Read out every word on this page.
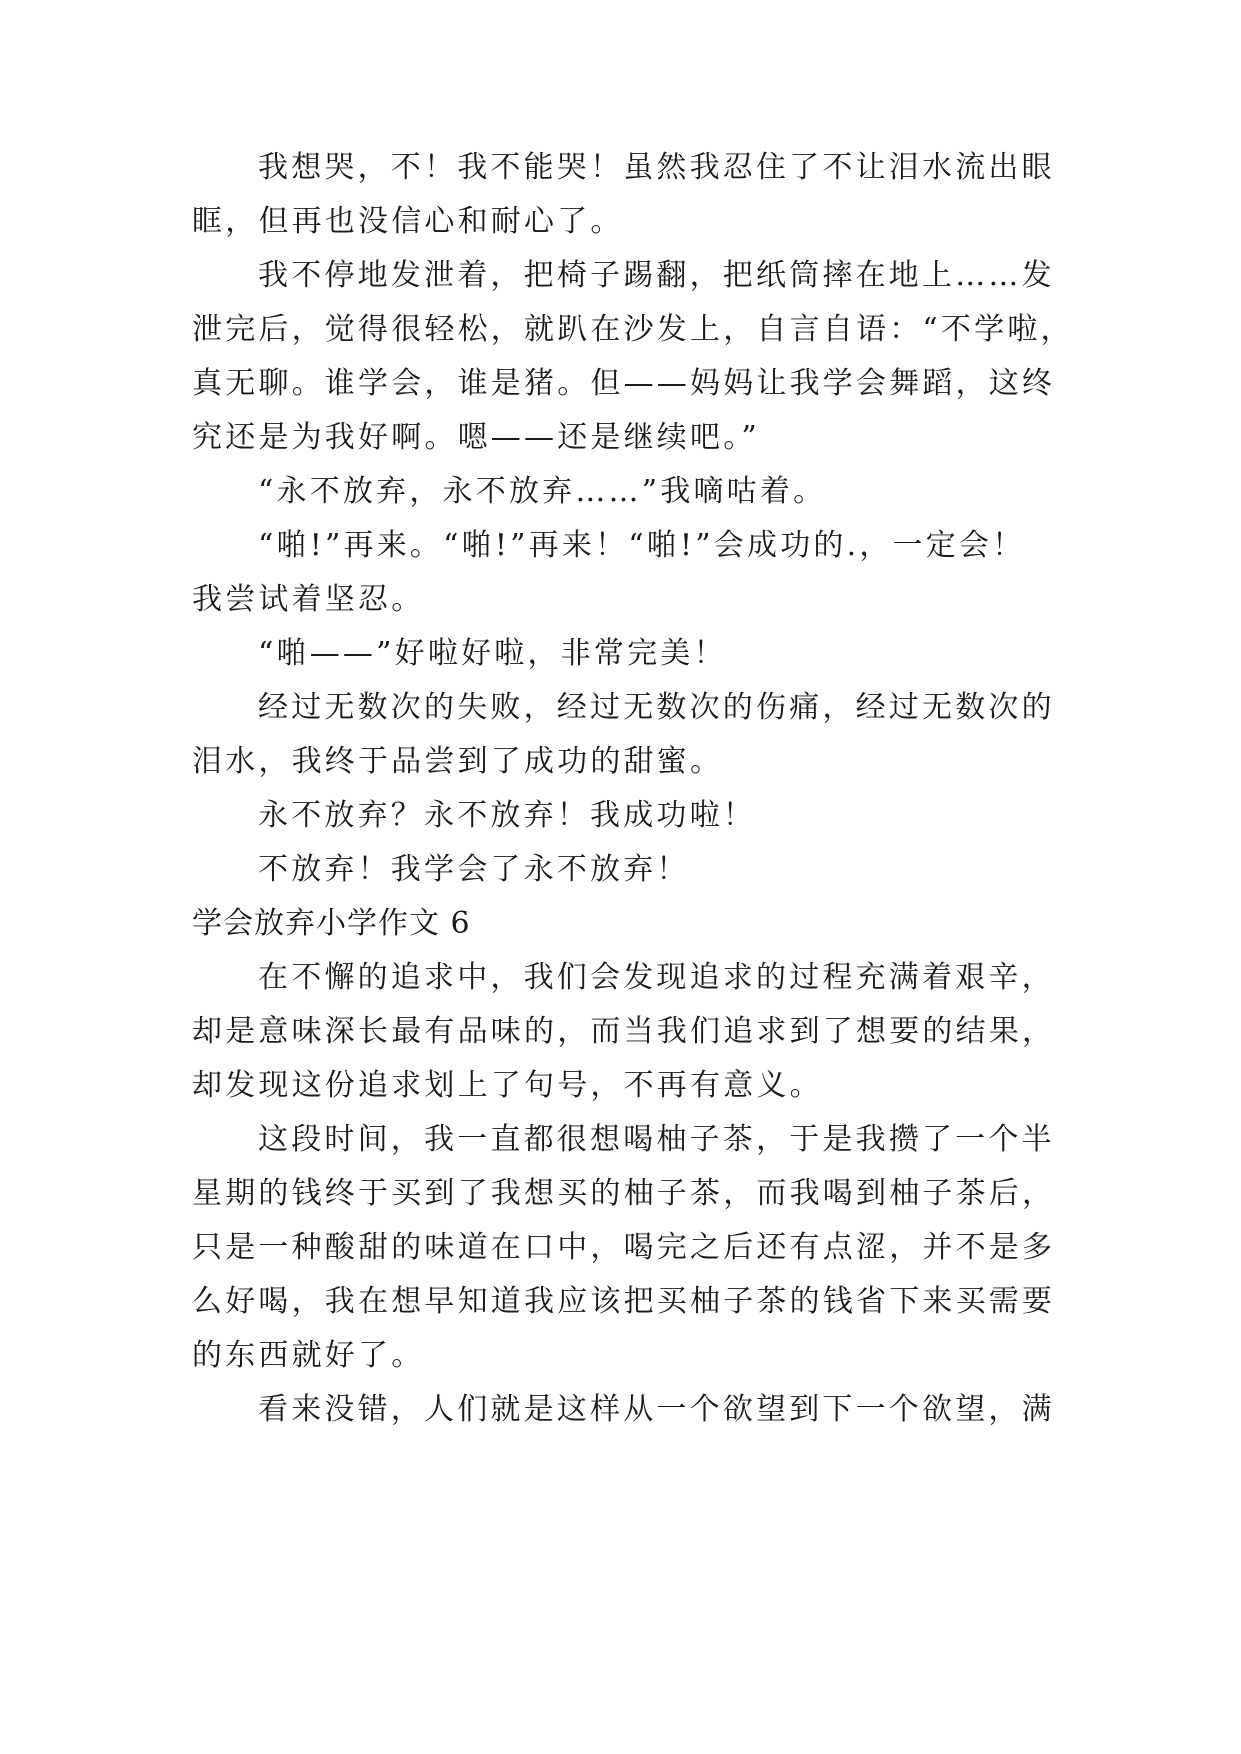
我想哭，不！我不能哭！虽然我忍住了不让泪水流出眼

眶，但再也没信心和耐心了。

我不停地发泄着，把椅子踢翻，把纸筒摔在地上……发

泄完后，觉得很轻松，就趴在沙发上，自言自语：“不学啦，

真无聊。谁学会，谁是猪。但——妈妈让我学会舞蹈，这终

究还是为我好啊。嗯——还是继续吧。”

“永不放弃，永不放弃……”我嘀咕着。

“啪!”再来。“啪!”再来！“啪!”会成功的.，一定会！

我尝试着坚忍。

“啪——”好啦好啦，非常完美！

经过无数次的失败，经过无数次的伤痛，经过无数次的

泪水，我终于品尝到了成功的甜蜜。

永不放弃？永不放弃！我成功啦！

不放弃！我学会了永不放弃！

学会放弃小学作文 6

在不懈的追求中，我们会发现追求的过程充满着艰辛，

却是意味深长最有品味的，而当我们追求到了想要的结果，

却发现这份追求划上了句号，不再有意义。

这段时间，我一直都很想喝柚子茶，于是我攒了一个半

星期的钱终于买到了我想买的柚子茶，而我喝到柚子茶后，

只是一种酸甜的味道在口中，喝完之后还有点涩，并不是多

么好喝，我在想早知道我应该把买柚子茶的钱省下来买需要

的东西就好了。

看来没错，人们就是这样从一个欲望到下一个欲望，满
